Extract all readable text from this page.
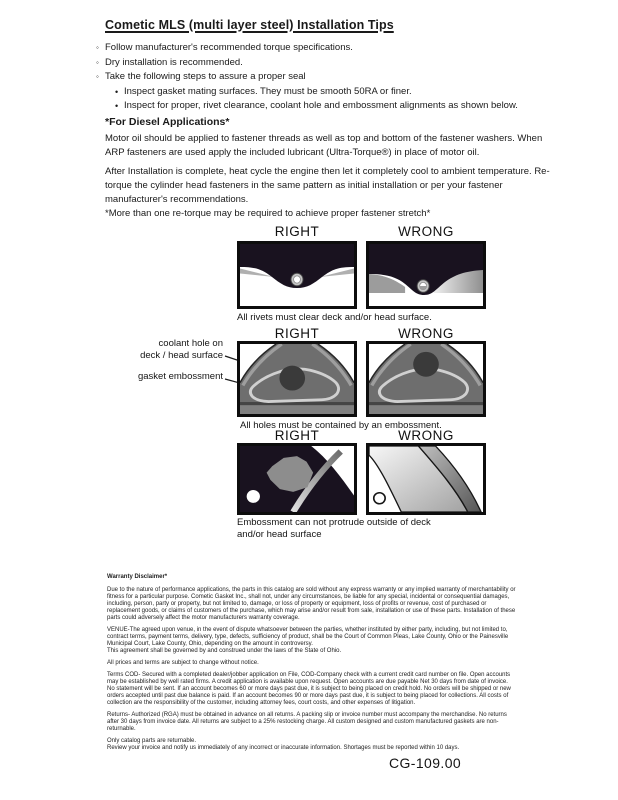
Cometic MLS (multi layer steel) Installation Tips
◦ Follow manufacturer's recommended torque specifications.
◦ Dry installation is recommended.
◦ Take the following steps to assure a proper seal
• Inspect gasket mating surfaces. They must be smooth 50RA or finer.
• Inspect for proper, rivet clearance, coolant hole and embossment alignments as shown below.
*For Diesel Applications*
Motor oil should be applied to fastener threads as well as top and bottom of the fastener washers. When ARP fasteners are used apply the included lubricant (Ultra-Torque®) in place of motor oil.
After Installation is complete, heat cycle the engine then let it completely cool to ambient temperature. Re-torque the cylinder head fasteners in the same pattern as initial installation or per your fastener manufacturer's recommendations.
*More than one re-torque may be required to achieve proper fastener stretch*
RIGHT	WRONG
All rivets must clear deck and/or head surface.
coolant hole on
deck / head surface
gasket embossment
RIGHT	WRONG
All holes must be contained by an embossment.
RIGHT	WRONG
Embossment can not protrude outside of deck
and/or head surface
Warranty Disclaimer*
Due to the nature of performance applications, the parts in this catalog are sold without any express warranty or any implied warranty of merchantability or fitness for a particular purpose. Cometic Gasket Inc., shall not, under any circumstances, be liable for any special, incidental or consequential damages, including, person, party or property, but not limited to, damage, or loss of property or equipment, loss of profits or revenue, cost of purchased or replacement goods, or claims of customers of the purchase, which may arise and/or result from sale, installation or use of these parts. Installation of these parts could adversely affect the motor manufacturers warranty coverage.
VENUE-The agreed upon venue, in the event of dispute whatsoever between the parties, whether instituted by either party, including, but not limited to, contract terms, payment terms, delivery, type, defects, sufficiency of product, shall be the Court of Common Pleas, Lake County, Ohio or the Painesville Municipal Court, Lake County, Ohio, depending on the amount in controversy.
This agreement shall be governed by and construed under the laws of the State of Ohio.
All prices and terms are subject to change without notice.
Terms COD- Secured with a completed dealer/jobber application on File, COD-Company check with a current credit card number on file. Open accounts may be established by well rated firms. A credit application is available upon request. Open accounts are due payable Net 30 days from date of invoice. No statement will be sent. If an account becomes 60 or more days past due, it is subject to being placed on credit hold. No orders will be shipped or new orders accepted until past due balance is paid. If an account becomes 90 or more days past due, it is subject to being placed for collections. All costs of collection are the responsibility of the customer, including attorney fees, court costs, and other expenses of litigation.
Returns- Authorized (RGA) must be obtained in advance on all returns. A packing slip or invoice number must accompany the merchandise. No returns after 30 days from invoice date. All returns are subject to a 25% restocking charge. All custom designed and custom manufactured gaskets are non-returnable.
Only catalog parts are returnable.
Review your invoice and notify us immediately of any incorrect or inaccurate information. Shortages must be reported within 10 days.
CG-109.00
